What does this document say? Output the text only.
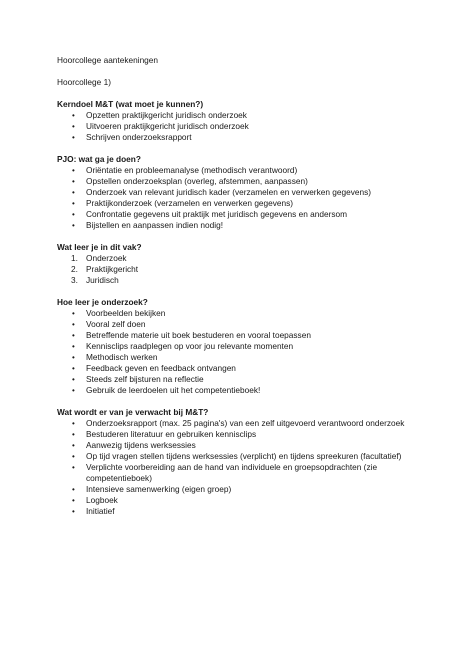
Hoorcollege aantekeningen
Hoorcollege 1)
Kerndoel M&T (wat moet je kunnen?)
• Opzetten praktijkgericht juridisch onderzoek
• Uitvoeren praktijkgericht juridisch onderzoek
• Schrijven onderzoeksrapport
PJO: wat ga je doen?
• Oriëntatie en probleemanalyse (methodisch verantwoord)
• Opstellen onderzoeksplan (overleg, afstemmen, aanpassen)
• Onderzoek van relevant juridisch kader (verzamelen en verwerken gegevens)
• Praktijkonderzoek (verzamelen en verwerken gegevens)
• Confrontatie gegevens uit praktijk met juridisch gegevens en andersom
• Bijstellen en aanpassen indien nodig!
Wat leer je in dit vak?
1. Onderzoek
2. Praktijkgericht
3. Juridisch
Hoe leer je onderzoek?
• Voorbeelden bekijken
• Vooral zelf doen
• Betreffende materie uit boek bestuderen en vooral toepassen
• Kennisclips raadplegen op voor jou relevante momenten
• Methodisch werken
• Feedback geven en feedback ontvangen
• Steeds zelf bijsturen na reflectie
• Gebruik de leerdoelen uit het competentieboek!
Wat wordt er van je verwacht bij M&T?
• Onderzoeksrapport (max. 25 pagina's) van een zelf uitgevoerd verantwoord onderzoek
• Bestuderen literatuur en gebruiken kennisclips
• Aanwezig tijdens werksessies
• Op tijd vragen stellen tijdens werksessies (verplicht) en tijdens spreekuren (facultatief)
• Verplichte voorbereiding aan de hand van individuele en groepsopdrachten (zie competentieboek)
• Intensieve samenwerking (eigen groep)
• Logboek
• Initiatief
